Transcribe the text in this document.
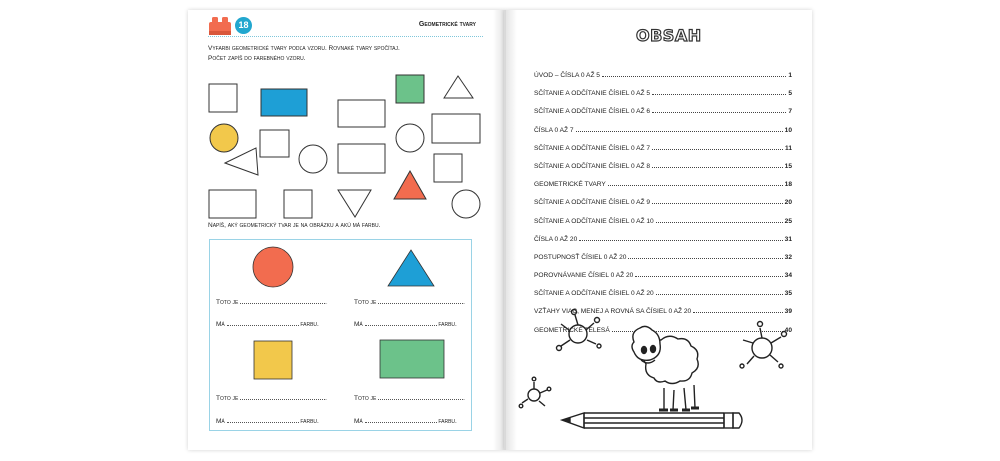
18	Geometrické tvary
Vyfarbi geometrické tvary podľa vzoru. Rovnaké tvary spočítaj.
Počet zapíš do farebného vzoru.
Napíš, aký geometrický tvar je na obrázku a akú má farbu.
Toto je	.
Má	farbu.
Toto je	.
Má	farbu.
Toto je	.
Má	farbu.
Toto je	.
Má	farbu.
OBSAH
ÚVOD – ČÍSLA 0 AŽ 5	1
SČÍTANIE A ODČÍTANIE ČÍSIEL 0 AŽ 5	5
SČÍTANIE A ODČÍTANIE ČÍSIEL 0 AŽ 6	7
ČÍSLA 0 AŽ 7	10
SČÍTANIE A ODČÍTANIE ČÍSIEL 0 AŽ 7	11
SČÍTANIE A ODČÍTANIE ČÍSIEL 0 AŽ 8	15
GEOMETRICKÉ TVARY	18
SČÍTANIE A ODČÍTANIE ČÍSIEL 0 AŽ 9	20
SČÍTANIE A ODČÍTANIE ČÍSIEL 0 AŽ 10	25
ČÍSLA 0 AŽ 20	31
POSTUPNOSŤ ČÍSIEL 0 AŽ 20	32
POROVNÁVANIE ČÍSIEL 0 AŽ 20	34
SČÍTANIE A ODČÍTANIE ČÍSIEL 0 AŽ 20	35
VZŤAHY VIAC, MENEJ A ROVNÁ SA ČÍSIEL 0 AŽ 20	39
GEOMETRICKÉ TELESÁ	40
